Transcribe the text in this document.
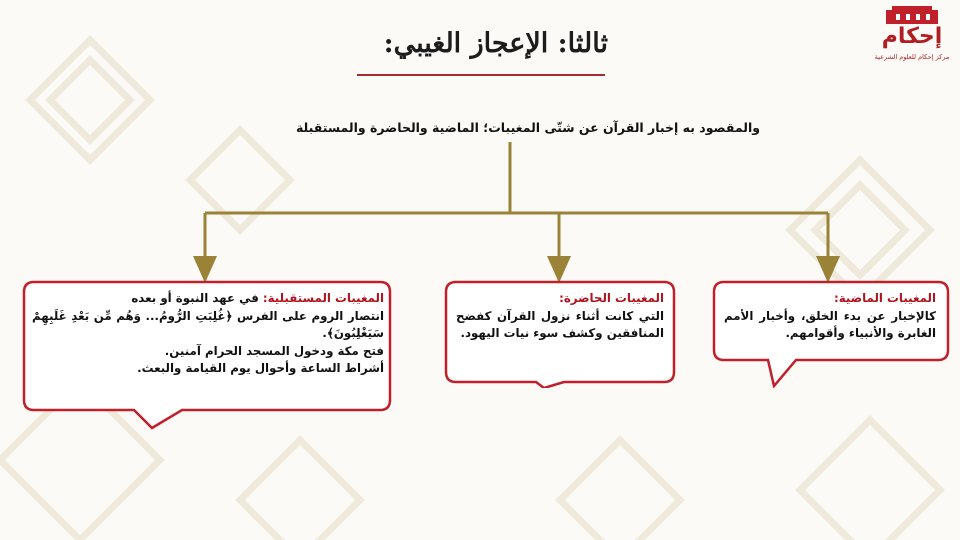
إحكام
مركز إحكام للعلوم الشرعية
ثالثا: الإعجاز الغيبي:
والمقصود به إخبار القرآن عن شتّى المغيبات؛ الماضية والحاضرة والمستقبلة
المغيبات الماضية:
كالإخبار عن بدء الخلق، وأخبار الأمم الغابرة والأنبياء وأقوامهم.
المغيبات الحاضرة:
التي كانت أثناء نزول القرآن كفضح المنافقين وكشف سوء نيات اليهود.

المغيبات المستقبلية: في عهد النبوة أو بعده

انتصار الروم على الفرس ﴿غُلِبَتِ الرُّومُ... وَهُم مِّن بَعْدِ غَلَبِهِمْ سَيَغْلِبُونَ﴾.

فتح مكة ودخول المسجد الحرام آمنين.

أشراط الساعة وأحوال يوم القيامة والبعث.
